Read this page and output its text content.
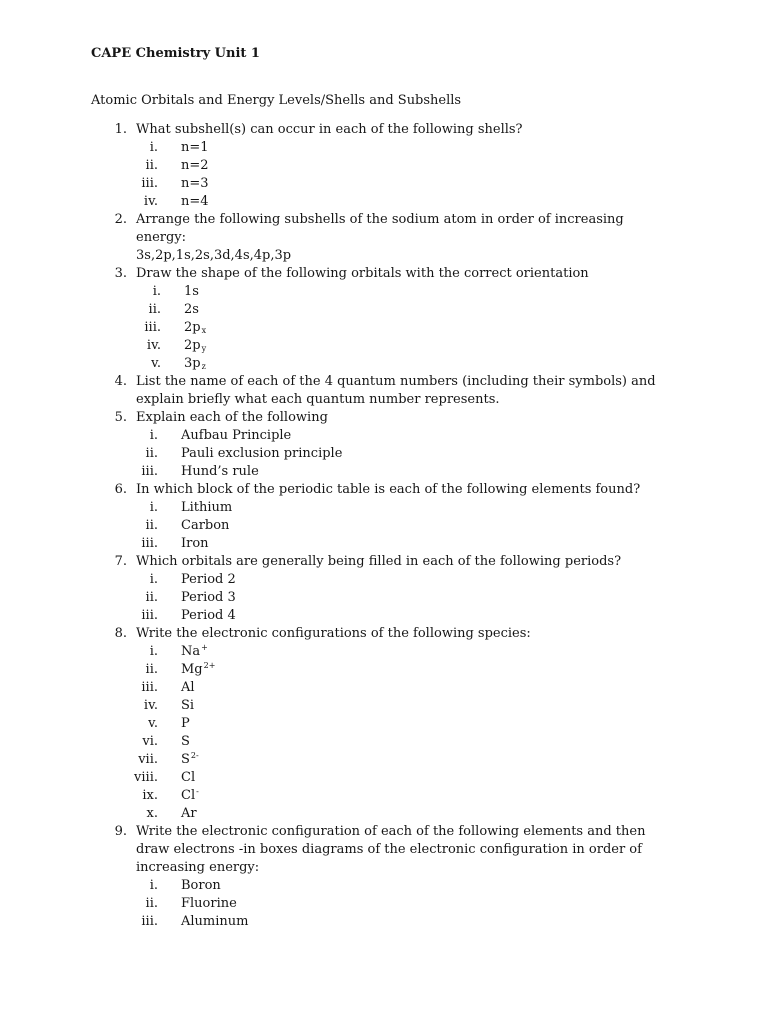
CAPE Chemistry Unit 1
Atomic Orbitals and Energy Levels/Shells and Subshells
1. What subshell(s) can occur in each of the following shells?
i.	n=1
ii.	n=2
iii.	n=3
iv.	n=4
2. Arrange the following subshells of the sodium atom in order of increasing
energy:
3s,2p,1s,2s,3d,4s,4p,3p
3. Draw the shape of the following orbitals with the correct orientation
i.	1s
ii.	2s
iii.	2px
iv.	2py
v.	3pz
4. List the name of each of the 4 quantum numbers (including their symbols) and
explain briefly what each quantum number represents.
5. Explain each of the following
i.	Aufbau Principle
ii.	Pauli exclusion principle
iii.	Hund’s rule
6. In which block of the periodic table is each of the following elements found?
i.	Lithium
ii.	Carbon
iii.	Iron
7. Which orbitals are generally being filled in each of the following periods?
i.	Period 2
ii.	Period 3
iii.	Period 4
8. Write the electronic configurations of the following species:
i.	Na+
ii.	$Mg^{2+}$
iii.	Al
iv.	Si
v.	P
vi.	S
vii.	$S^{2-}$
viii.	Cl
ix.	Cl-
x.	Ar
9. Write the electronic configuration of each of the following elements and then
draw electrons -in boxes diagrams of the electronic configuration in order of
increasing energy:
i.	Boron
ii.	Fluorine
iii.	Aluminum
